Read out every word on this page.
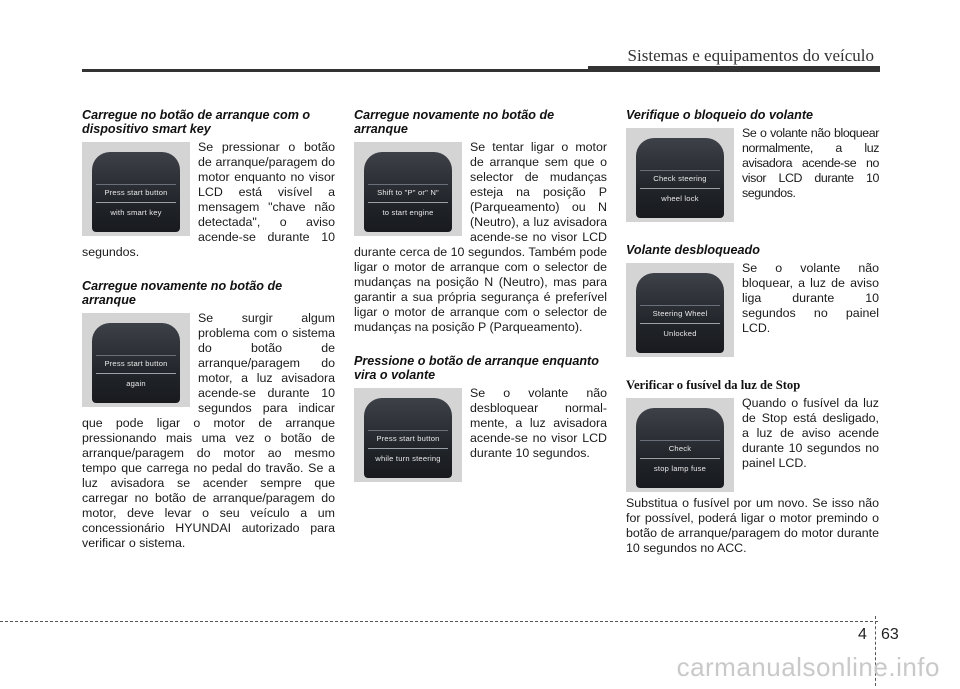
Sistemas e equipamentos do veículo
Carregue no botão de arranque com o dispositivo smart key
Press start button
with smart key

Se pressionar o botão de arranque/paragem do motor enquanto no visor LCD está visível a mensagem "chave não detectada", o aviso acende-se durante 10 segundos.

Carregue novamente no botão de arranque
Press start button
again

Se surgir algum problema com o sistema do botão de arranque/paragem do motor, a luz avisadora acende-se durante 10 segundos para indicar que pode ligar o motor de arranque pressionando mais uma vez o botão de arranque/paragem do motor ao mesmo tempo que carrega no pedal do travão. Se a luz avisadora se acender sempre que carregar no botão de arranque/paragem do motor, deve levar o seu veículo a um concessionário HYUNDAI autorizado para verificar o sistema.

Carregue novamente no botão de arranque
Shift to "P" or" N"
to start engine

Se tentar ligar o motor de arranque sem que o selector de mudanças esteja na posição P (Parqueamento) ou N (Neutro), a luz avisadora acende-se no visor LCD durante cerca de 10 segundos. Também pode ligar o motor de arranque com o selector de mudanças na posição N (Neutro), mas para garantir a sua própria segurança é preferível ligar o motor de arranque com o selector de mudanças na posição P (Parqueamento).

Pressione o botão de arranque enquanto vira o volante
Press start button
while turn steering

Se o volante não desbloquear normal-mente, a luz avisadora acende-se no visor LCD durante 10 segundos.

Verifique o bloqueio do volante
Check steering
wheel lock

Se o volante não bloquear normalmente, a luz avisadora acende-se no visor LCD durante 10 segundos.

Volante desbloqueado
Steering Wheel
Unlocked

Se o volante não bloquear, a luz de aviso liga durante 10 segundos no painel LCD.

Verificar o fusível da luz de Stop
Check
stop lamp fuse

Quando o fusível da luz de Stop está desligado, a luz de aviso acende durante 10 segundos no painel LCD.

Substitua o fusível por um novo. Se isso não for possível, poderá ligar o motor premindo o botão de arranque/paragem do motor durante 10 segundos no ACC.

4 63
carmanualsonline.info
